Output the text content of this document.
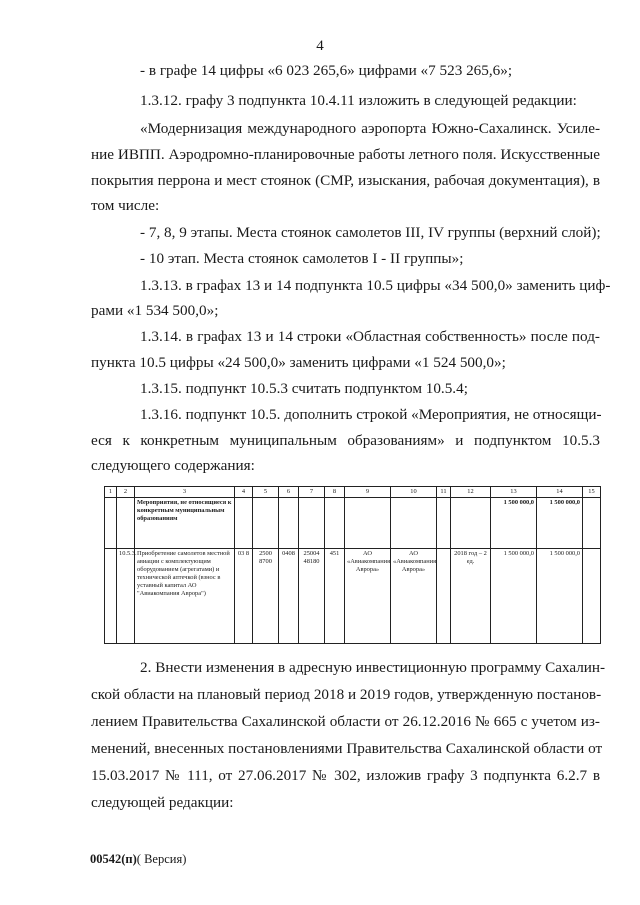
4
- в графе 14 цифры «6 023 265,6» цифрами «7 523 265,6»;
1.3.12. графу 3 подпункта 10.4.11 изложить в следующей редакции:
«Модернизация международного аэропорта Южно-Сахалинск. Усиле-
ние ИВПП. Аэродромно-планировочные работы летного поля. Искусственные
покрытия перрона и мест стоянок (СМР, изыскания, рабочая документация), в
том числе:
- 7, 8, 9 этапы. Места стоянок самолетов III, IV группы (верхний слой);
- 10 этап. Места стоянок самолетов I - II группы»;
1.3.13. в графах 13 и 14 подпункта 10.5 цифры «34 500,0» заменить циф-
рами «1 534 500,0»;
1.3.14. в графах 13 и 14 строки «Областная собственность» после под-
пункта 10.5 цифры «24 500,0» заменить цифрами «1 524 500,0»;
1.3.15. подпункт 10.5.3 считать подпунктом 10.5.4;
1.3.16. подпункт 10.5. дополнить строкой «Мероприятия, не относящи-
еся к конкретным муниципальным образованиям» и подпунктом 10.5.3
следующего содержания:
1	2	3	4	5	6	7	8	9	10	11	12	13	14	15
		Мероприятия, не относящиеся к конкретным муниципальным образованиям										1 500 000,0	1 500 000,0	
	10.5.3.	Приобретение самолетов местной авиации с комплектующим оборудованием (агрегатами) и технической аптечкой (взнос в уставный капитал АО "Авиакомпания Аврора")	03 8	2500 8700	0408	25004 48180	451	АО «Авиакомпания Аврора»	АО «Авиакомпания Аврора»		2018 год – 2 ед.	1 500 000,0	1 500 000,0	
2. Внести изменения в адресную инвестиционную программу Сахалин-
ской области на плановый период 2018 и 2019 годов, утвержденную постанов-
лением Правительства Сахалинской области от 26.12.2016 № 665 с учетом из-
менений, внесенных постановлениями Правительства Сахалинской области от
15.03.2017 № 111, от 27.06.2017 № 302, изложив графу 3 подпункта 6.2.7 в
следующей редакции:
00542(п)( Версия)
